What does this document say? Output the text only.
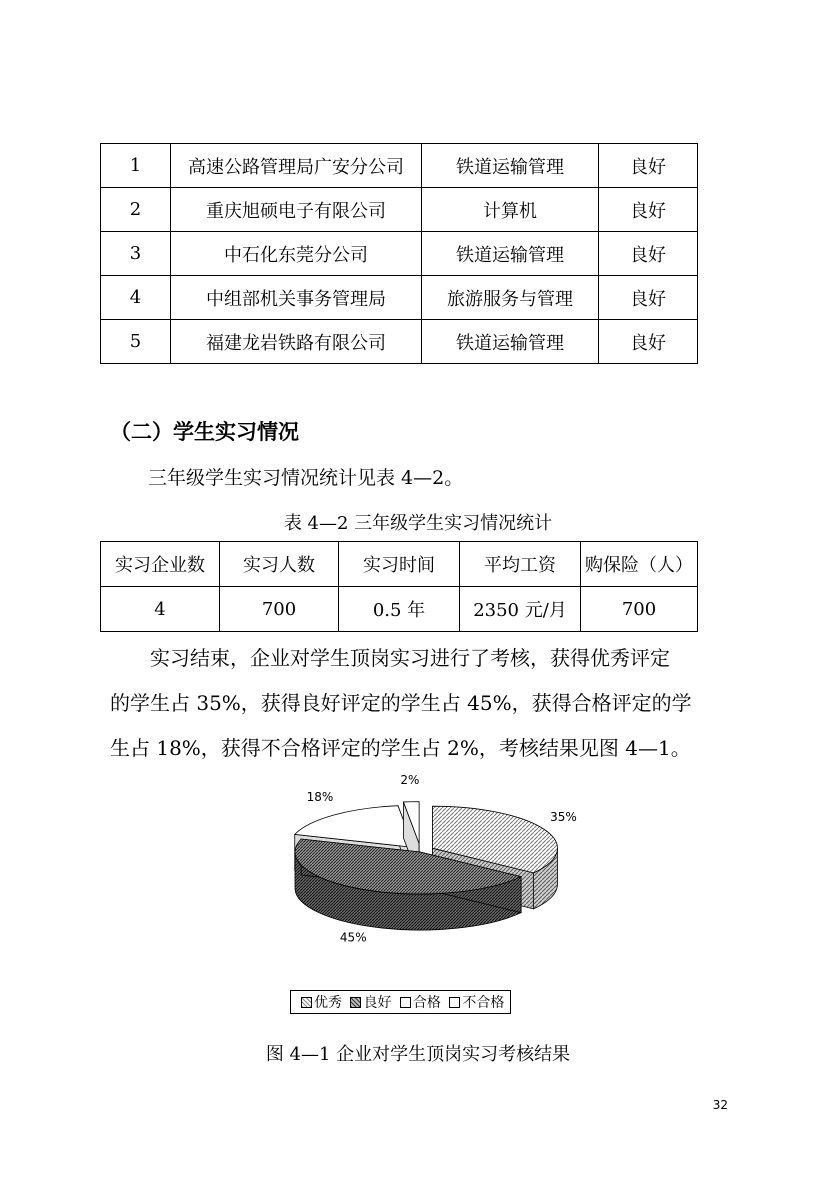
1	高速公路管理局广安分公司	铁道运输管理	良好
2	重庆旭硕电子有限公司	计算机	良好
3	中石化东莞分公司	铁道运输管理	良好
4	中组部机关事务管理局	旅游服务与管理	良好
5	福建龙岩铁路有限公司	铁道运输管理	良好
（二）学生实习情况
三年级学生实习情况统计见表 4—2。
表 4—2 三年级学生实习情况统计
实习企业数	实习人数	实习时间	平均工资	购保险（人）
4	700	0.5 年	2350 元/月	700

实习结束，企业对学生顶岗实习进行了考核，获得优秀评定

的学生占 35%，获得良好评定的学生占 45%，获得合格评定的学

生占 18%，获得不合格评定的学生占 2%，考核结果见图 4—1。

18%
2%
35%
45%
优秀 良好 合格 不合格
图 4—1 企业对学生顶岗实习考核结果
32
